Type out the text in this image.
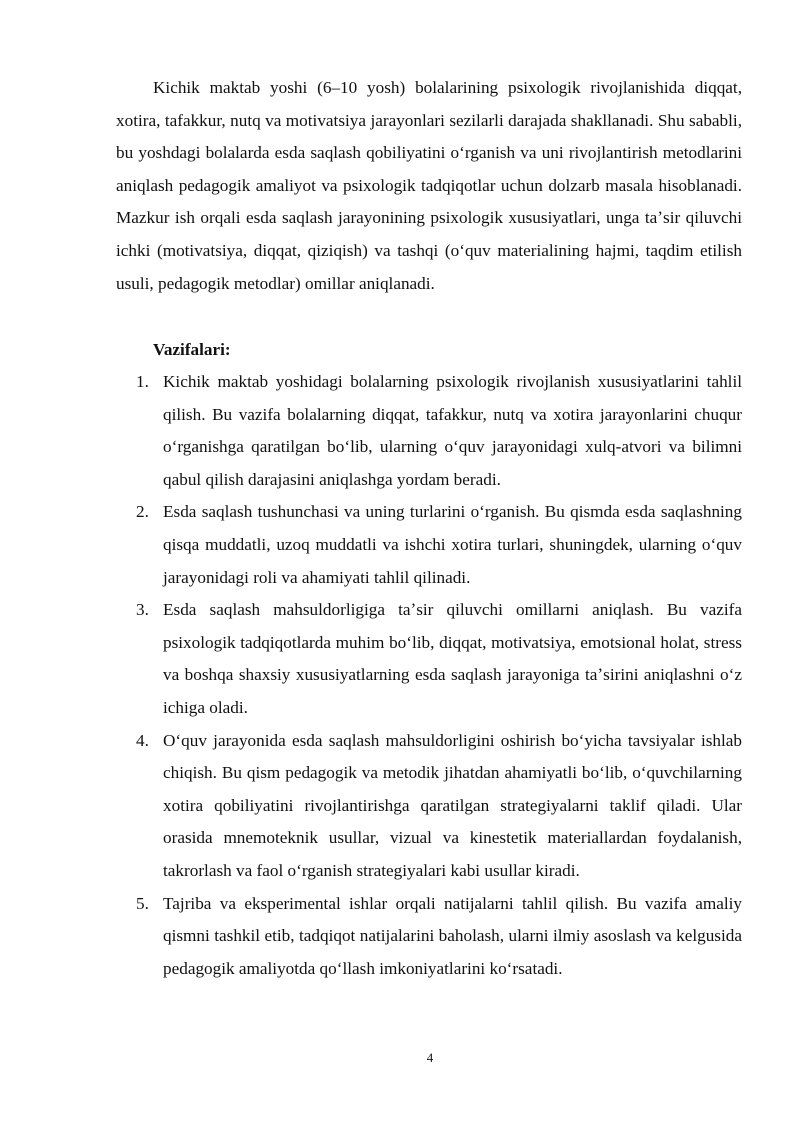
Kichik maktab yoshi (6–10 yosh) bolalarining psixologik rivojlanishida diqqat, xotira, tafakkur, nutq va motivatsiya jarayonlari sezilarli darajada shakllanadi. Shu sababli, bu yoshdagi bolalarda esda saqlash qobiliyatini oʻrganish va uni rivojlantirish metodlarini aniqlash pedagogik amaliyot va psixologik tadqiqotlar uchun dolzarb masala hisoblanadi. Mazkur ish orqali esda saqlash jarayonining psixologik xususiyatlari, unga taʼsir qiluvchi ichki (motivatsiya, diqqat, qiziqish) va tashqi (oʻquv materialining hajmi, taqdim etilish usuli, pedagogik metodlar) omillar aniqlanadi.

Vazifalari:

1. Kichik maktab yoshidagi bolalarning psixologik rivojlanish xususiyatlarini tahlil qilish. Bu vazifa bolalarning diqqat, tafakkur, nutq va xotira jarayonlarini chuqur oʻrganishga qaratilgan boʻlib, ularning oʻquv jarayonidagi xulq-atvori va bilimni qabul qilish darajasini aniqlashga yordam beradi.
2. Esda saqlash tushunchasi va uning turlarini oʻrganish. Bu qismda esda saqlashning qisqa muddatli, uzoq muddatli va ishchi xotira turlari, shuningdek, ularning oʻquv jarayonidagi roli va ahamiyati tahlil qilinadi.
3. Esda saqlash mahsuldorligiga taʼsir qiluvchi omillarni aniqlash. Bu vazifa psixologik tadqiqotlarda muhim boʻlib, diqqat, motivatsiya, emotsional holat, stress va boshqa shaxsiy xususiyatlarning esda saqlash jarayoniga taʼsirini aniqlashni oʻz ichiga oladi.
4. Oʻquv jarayonida esda saqlash mahsuldorligini oshirish boʻyicha tavsiyalar ishlab chiqish. Bu qism pedagogik va metodik jihatdan ahamiyatli boʻlib, oʻquvchilarning xotira qobiliyatini rivojlantirishga qaratilgan strategiyalarni taklif qiladi. Ular orasida mnemoteknik usullar, vizual va kinestetik materiallardan foydalanish, takrorlash va faol oʻrganish strategiyalari kabi usullar kiradi.
5. Tajriba va eksperimental ishlar orqali natijalarni tahlil qilish. Bu vazifa amaliy qismni tashkil etib, tadqiqot natijalarini baholash, ularni ilmiy asoslash va kelgusida pedagogik amaliyotda qoʻllash imkoniyatlarini koʻrsatadi.
4
